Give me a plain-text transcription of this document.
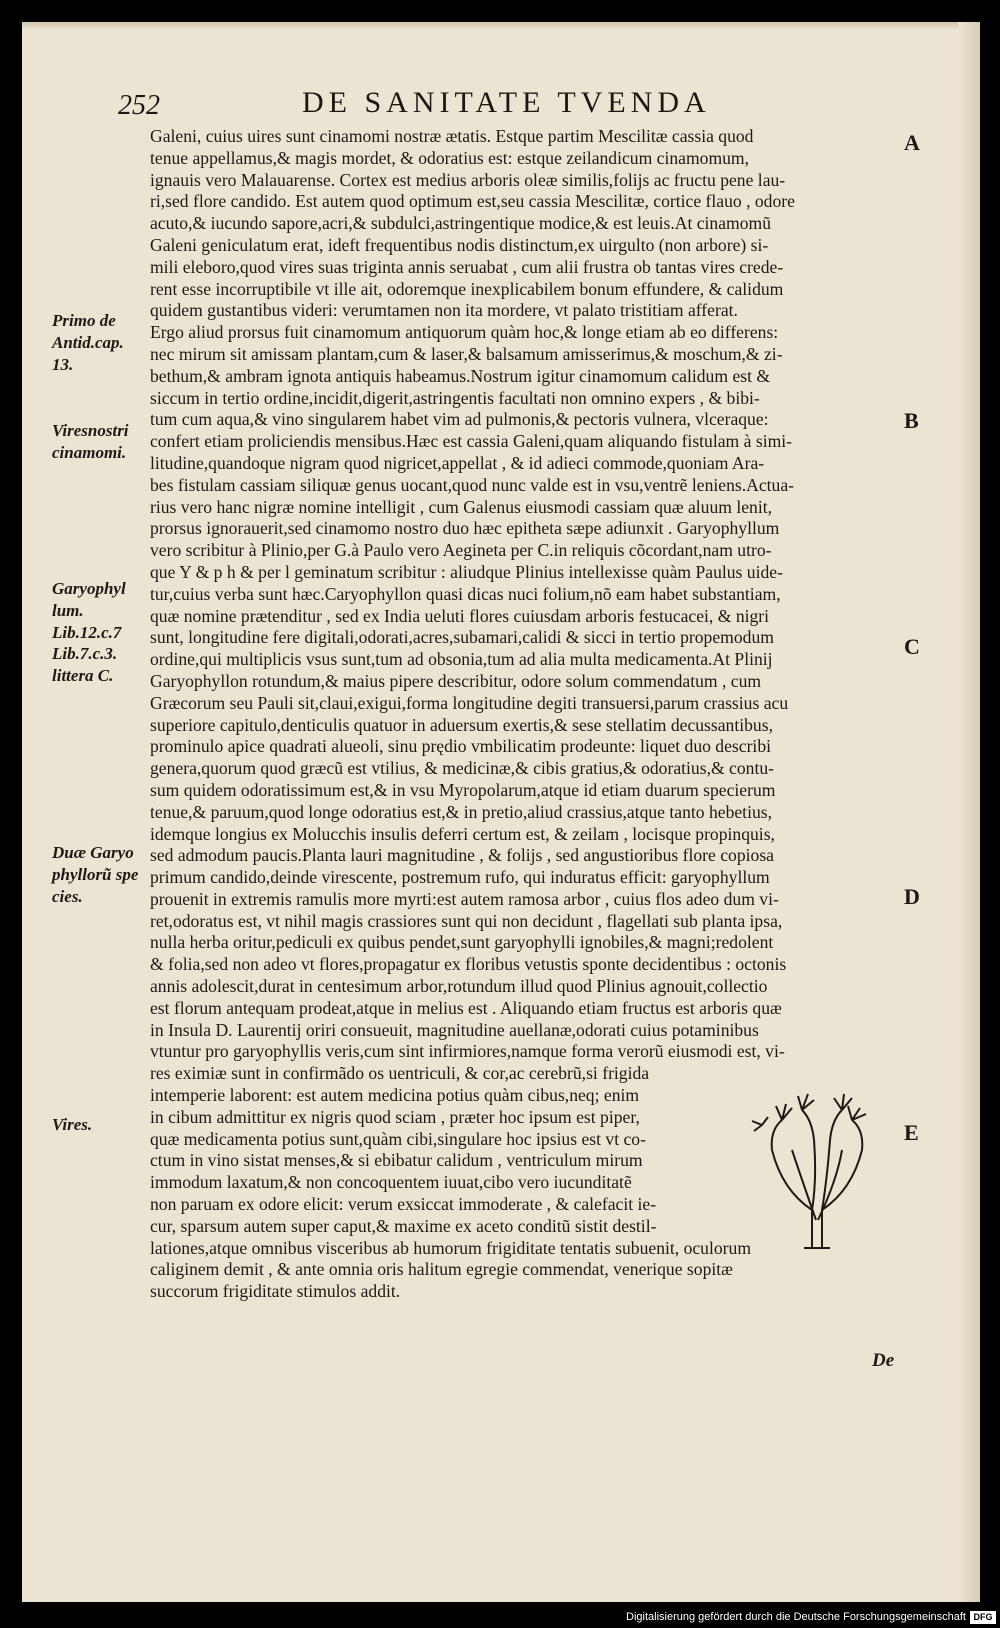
252	DE SANITATE TVENDA
Primo de
Antid.cap.
13.
Viresnostri
cinamomi.
Garyophyl
lum.
Lib.12.c.7
Lib.7.c.3.
littera C.
Duæ Garyo
phyllorũ spe
cies.
Vires.
A
B
C
D
E
Galeni, cuius uires sunt cinamomi nostræ ætatis. Estque partim Mescilitæ cassia quod
tenue appellamus,& magis mordet, & odoratius est: estque zeilandicum cinamomum,
ignauis vero Malauarense. Cortex est medius arboris oleæ similis,folijs ac fructu pene lau-
ri,sed flore candido. Est autem quod optimum est,seu cassia Mescilitæ, cortice flauo , odore
acuto,& iucundo sapore,acri,& subdulci,astringentique modice,& est leuis.At cinamomũ
Galeni geniculatum erat, ideft frequentibus nodis distinctum,ex uirgulto (non arbore) si-
mili eleboro,quod vires suas triginta annis seruabat , cum alii frustra ob tantas vires crede-
rent esse incorruptibile vt ille ait, odoremque inexplicabilem bonum effundere, & calidum
quidem gustantibus videri: verumtamen non ita mordere, vt palato tristitiam afferat.
Ergo aliud prorsus fuit cinamomum antiquorum quàm hoc,& longe etiam ab eo differens:
nec mirum sit amissam plantam,cum & laser,& balsamum amisserimus,& moschum,& zi-
bethum,& ambram ignota antiquis habeamus.Nostrum igitur cinamomum calidum est &
siccum in tertio ordine,incidit,digerit,astringentis facultati non omnino expers , & bibi-
tum cum aqua,& vino singularem habet vim ad pulmonis,& pectoris vulnera, vlceraque:
confert etiam proliciendis mensibus.Hæc est cassia Galeni,quam aliquando fistulam à simi-
litudine,quandoque nigram quod nigricet,appellat , & id adieci commode,quoniam Ara-
bes fistulam cassiam siliquæ genus uocant,quod nunc valde est in vsu,ventrẽ leniens.Actua-
rius vero hanc nigræ nomine intelligit , cum Galenus eiusmodi cassiam quæ aluum lenit,
prorsus ignorauerit,sed cinamomo nostro duo hæc epitheta sæpe adiunxit . Garyophyllum
vero scribitur à Plinio,per G.à Paulo vero Aegineta per C.in reliquis cõcordant,nam utro-
que Y & p h & per l geminatum scribitur : aliudque Plinius intellexisse quàm Paulus uide-
tur,cuius verba sunt hæc.Caryophyllon quasi dicas nuci folium,nõ eam habet substantiam,
quæ nomine prætenditur , sed ex India ueluti flores cuiusdam arboris festucacei, & nigri
sunt, longitudine fere digitali,odorati,acres,subamari,calidi & sicci in tertio propemodum
ordine,qui multiplicis vsus sunt,tum ad obsonia,tum ad alia multa medicamenta.At Plinij
Garyophyllon rotundum,& maius pipere describitur, odore solum commendatum , cum
Græcorum seu Pauli sit,claui,exigui,forma longitudine degiti transuersi,parum crassius acu
superiore capitulo,denticulis quatuor in aduersum exertis,& sese stellatim decussantibus,
prominulo apice quadrati alueoli, sinu prędio vmbilicatim prodeunte: liquet duo describi
genera,quorum quod græcũ est vtilius, & medicinæ,& cibis gratius,& odoratius,& contu-
sum quidem odoratissimum est,& in vsu Myropolarum,atque id etiam duarum specierum
tenue,& paruum,quod longe odoratius est,& in pretio,aliud crassius,atque tanto hebetius,
idemque longius ex Molucchis insulis deferri certum est, & zeilam , locisque propinquis,
sed admodum paucis.Planta lauri magnitudine , & folijs , sed angustioribus flore copiosa
primum candido,deinde virescente, postremum rufo, qui induratus efficit: garyophyllum
prouenit in extremis ramulis more myrti:est autem ramosa arbor , cuius flos adeo dum vi-
ret,odoratus est, vt nihil magis crassiores sunt qui non decidunt , flagellati sub planta ipsa,
nulla herba oritur,pediculi ex quibus pendet,sunt garyophylli ignobiles,& magni;redolent
& folia,sed non adeo vt flores,propagatur ex floribus vetustis sponte decidentibus : octonis
annis adolescit,durat in centesimum arbor,rotundum illud quod Plinius agnouit,collectio
est florum antequam prodeat,atque in melius est . Aliquando etiam fructus est arboris quæ
in Insula D. Laurentij oriri consueuit, magnitudine auellanæ,odorati cuius potaminibus
vtuntur pro garyophyllis veris,cum sint infirmiores,namque forma verorũ eiusmodi est, vi-
res eximiæ sunt in confirmãdo os uentriculi, & cor,ac cerebrũ,si frigida
intemperie laborent: est autem medicina potius quàm cibus,neq; enim
in cibum admittitur ex nigris quod sciam , præter hoc ipsum est piper,
quæ medicamenta potius sunt,quàm cibi,singulare hoc ipsius est vt co-
ctum in vino sistat menses,& si ebibatur calidum , ventriculum mirum
immodum laxatum,& non concoquentem iuuat,cibo vero iucunditatẽ
non paruam ex odore elicit: verum exsiccat immoderate , & calefacit ie-
cur, sparsum autem super caput,& maxime ex aceto conditũ sistit destil-
lationes,atque omnibus visceribus ab humorum frigiditate tentatis subuenit, oculorum
caliginem demit , & ante omnia oris halitum egregie commendat, venerique sopitæ
succorum frigiditate stimulos addit.
De
Digitalisierung gefördert durch die Deutsche Forschungsgemeinschaft DFG
